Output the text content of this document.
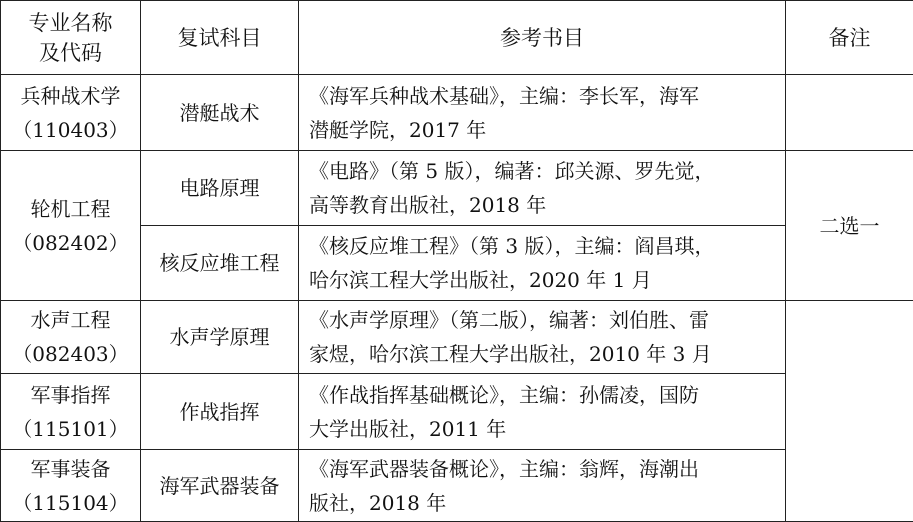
专业名称
及代码	复试科目	参考书目	备注

兵种战术学
（110403）	潜艇战术	《海军兵种战术基础》，主编：李长军，海军
潜艇学院，2017 年	

轮机工程
（082402）	电路原理	《电路》（第 5 版），编著：邱关源、罗先觉，
高等教育出版社，2018 年	二选一
	核反应堆工程	《核反应堆工程》（第 3 版），主编：阎昌琪，
哈尔滨工程大学出版社，2020 年 1 月	

水声工程
（082403）	水声学原理	《水声学原理》（第二版），编著：刘伯胜、雷
家煜，哈尔滨工程大学出版社，2010 年 3 月	

军事指挥
（115101）	作战指挥	《作战指挥基础概论》，主编：孙儒凌，国防
大学出版社，2011 年	

军事装备
（115104）	海军武器装备	《海军武器装备概论》，主编：翁辉，海潮出
版社，2018 年	
